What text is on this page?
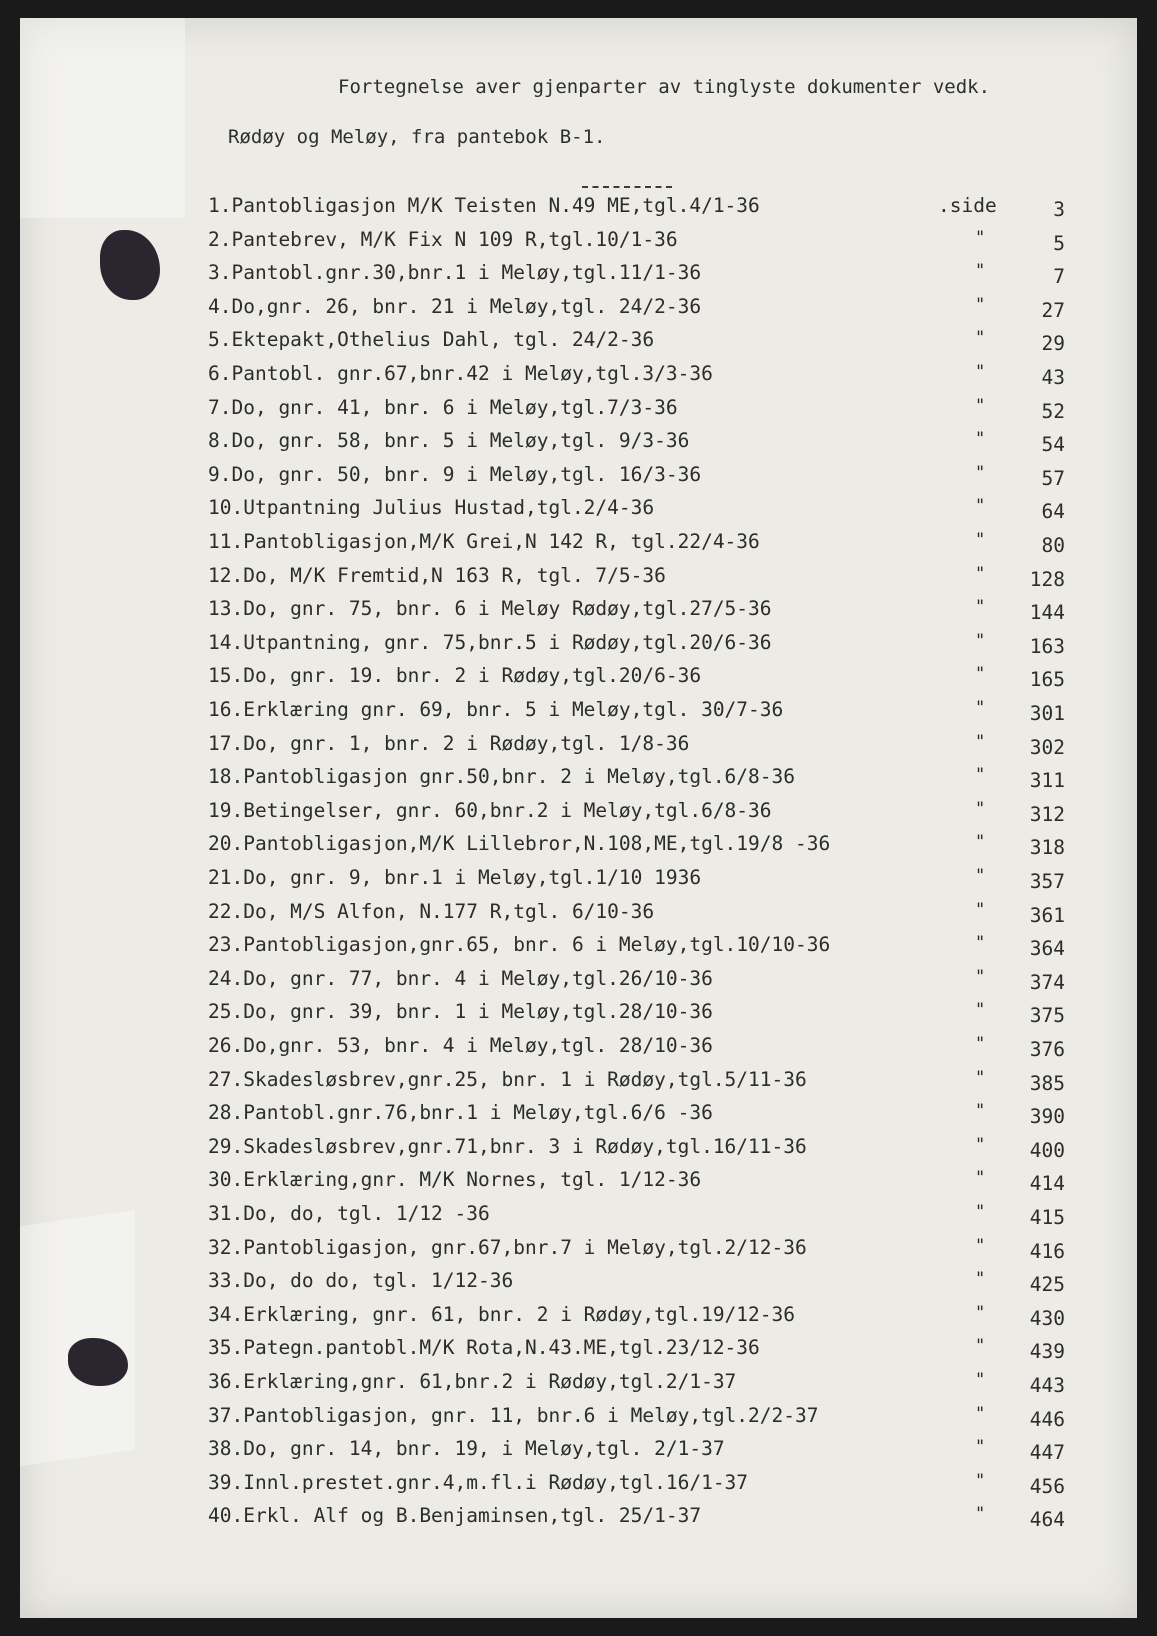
Fortegnelse aver gjenparter av tinglyste dokumenter vedk.
Rødøy og Meløy, fra pantebok B-1.
1.Pantobligasjon M/K Teisten N.49 ME,tgl.4/1-36	.side	3
2.Pantebrev, M/K Fix N 109 R,tgl.10/1-36	"	5
3.Pantobl.gnr.30,bnr.1 i Meløy,tgl.11/1-36	"	7
4.Do,gnr. 26, bnr. 21 i Meløy,tgl. 24/2-36	"	27
5.Ektepakt,Othelius Dahl, tgl. 24/2-36	"	29
6.Pantobl. gnr.67,bnr.42 i Meløy,tgl.3/3-36	"	43
7.Do, gnr. 41, bnr. 6 i Meløy,tgl.7/3-36	"	52
8.Do, gnr. 58, bnr. 5 i Meløy,tgl. 9/3-36	"	54
9.Do, gnr. 50, bnr. 9 i Meløy,tgl. 16/3-36	"	57
10.Utpantning Julius Hustad,tgl.2/4-36	"	64
11.Pantobligasjon,M/K Grei,N 142 R, tgl.22/4-36	"	80
12.Do, M/K Fremtid,N 163 R, tgl. 7/5-36	"	128
13.Do, gnr. 75, bnr. 6 i Meløy Rødøy,tgl.27/5-36	"	144
14.Utpantning, gnr. 75,bnr.5 i Rødøy,tgl.20/6-36	"	163
15.Do, gnr. 19. bnr. 2 i Rødøy,tgl.20/6-36	"	165
16.Erklæring gnr. 69, bnr. 5 i Meløy,tgl. 30/7-36	"	301
17.Do, gnr. 1, bnr. 2 i Rødøy,tgl. 1/8-36	"	302
18.Pantobligasjon gnr.50,bnr. 2 i Meløy,tgl.6/8-36	"	311
19.Betingelser, gnr. 60,bnr.2 i Meløy,tgl.6/8-36	"	312
20.Pantobligasjon,M/K Lillebror,N.108,ME,tgl.19/8 -36	"	318
21.Do, gnr. 9, bnr.1 i Meløy,tgl.1/10 1936	"	357
22.Do, M/S Alfon, N.177 R,tgl. 6/10-36	"	361
23.Pantobligasjon,gnr.65, bnr. 6 i Meløy,tgl.10/10-36	"	364
24.Do, gnr. 77, bnr. 4 i Meløy,tgl.26/10-36	"	374
25.Do, gnr. 39, bnr. 1 i Meløy,tgl.28/10-36	"	375
26.Do,gnr. 53, bnr. 4 i Meløy,tgl. 28/10-36	"	376
27.Skadesløsbrev,gnr.25, bnr. 1 i Rødøy,tgl.5/11-36	"	385
28.Pantobl.gnr.76,bnr.1 i Meløy,tgl.6/6 -36	"	390
29.Skadesløsbrev,gnr.71,bnr. 3 i Rødøy,tgl.16/11-36	"	400
30.Erklæring,gnr. M/K Nornes, tgl. 1/12-36	"	414
31.Do, do, tgl. 1/12 -36	"	415
32.Pantobligasjon, gnr.67,bnr.7 i Meløy,tgl.2/12-36	"	416
33.Do, do do, tgl. 1/12-36	"	425
34.Erklæring, gnr. 61, bnr. 2 i Rødøy,tgl.19/12-36	"	430
35.Pategn.pantobl.M/K Rota,N.43.ME,tgl.23/12-36	"	439
36.Erklæring,gnr. 61,bnr.2 i Rødøy,tgl.2/1-37	"	443
37.Pantobligasjon, gnr. 11, bnr.6 i Meløy,tgl.2/2-37	"	446
38.Do, gnr. 14, bnr. 19, i Meløy,tgl. 2/1-37	"	447
39.Innl.prestet.gnr.4,m.fl.i Rødøy,tgl.16/1-37	"	456
40.Erkl. Alf og B.Benjaminsen,tgl. 25/1-37	"	464
